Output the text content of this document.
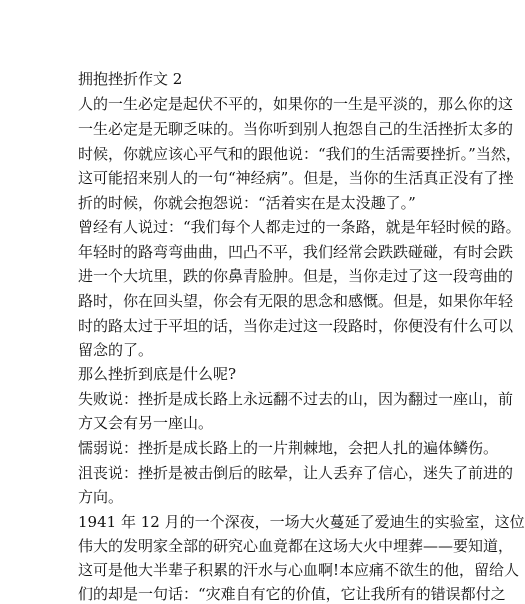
拥抱挫折作文 2
人的一生必定是起伏不平的，如果你的一生是平淡的，那么你的这
一生必定是无聊乏味的。当你听到别人抱怨自己的生活挫折太多的
时候，你就应该心平气和的跟他说：“我们的生活需要挫折。”当然，
这可能招来别人的一句“神经病”。但是，当你的生活真正没有了挫
折的时候，你就会抱怨说：“活着实在是太没趣了。”
曾经有人说过：“我们每个人都走过的一条路，就是年轻时候的路。
年轻时的路弯弯曲曲，凹凸不平，我们经常会跌跌碰碰，有时会跌
进一个大坑里，跌的你鼻青脸肿。但是，当你走过了这一段弯曲的
路时，你在回头望，你会有无限的思念和感慨。但是，如果你年轻
时的路太过于平坦的话，当你走过这一段路时，你便没有什么可以
留念的了。
那么挫折到底是什么呢?
失败说：挫折是成长路上永远翻不过去的山，因为翻过一座山，前
方又会有另一座山。
懦弱说：挫折是成长路上的一片荆棘地，会把人扎的遍体鳞伤。
沮丧说：挫折是被击倒后的眩晕，让人丢弃了信心，迷失了前进的
方向。
1941 年 12 月的一个深夜，一场大火蔓延了爱迪生的实验室，这位
伟大的发明家全部的研究心血竟都在这场大火中埋葬——要知道，
这可是他大半辈子积累的汗水与心血啊!本应痛不欲生的他，留给人
们的却是一句话：“灾难自有它的价值，它让我所有的错误都付之
